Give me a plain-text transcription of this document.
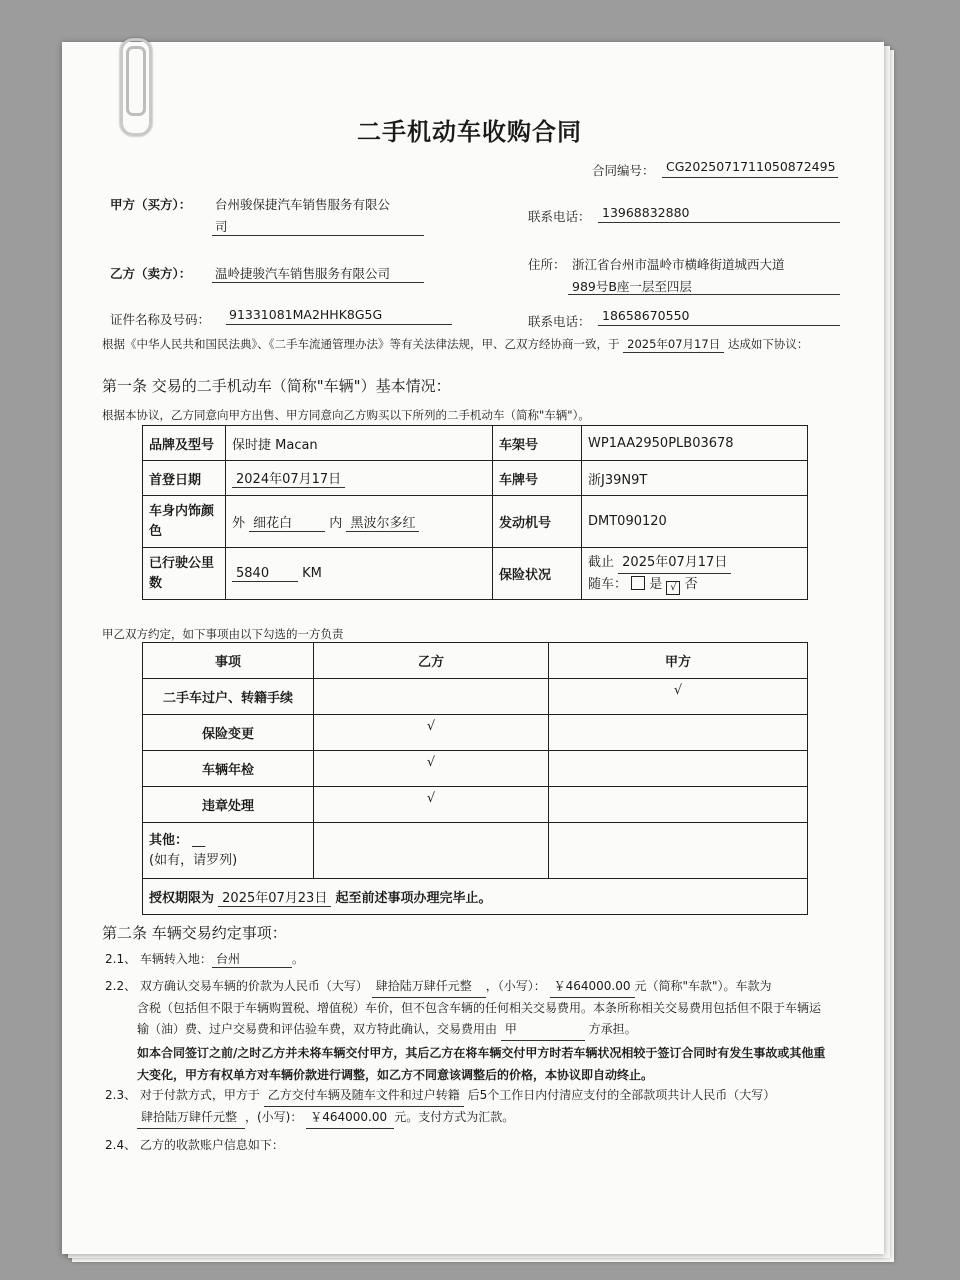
二手机动车收购合同
合同编号： CG20250717110508724​95
甲方（买方）： 台州骏保捷汽车销售服务有限公
司
联系电话： 13968832880
乙方（卖方）： 温岭捷骏汽车销售服务有限公司
住所： 浙江省台州市温岭市横峰街道城西大道
989号B座一层至四层
证件名称及号码： 91331081MA2HHK8G5G	联系电话： 18658670550
根据《中华人民共和国民法典》、《二手车流通管理办法》等有关法律法规，甲、乙双方经协商一致，于 2025年07月17日 达成如下协议：
第一条 交易的二手机动车（简称"车辆"）基本情况：
根据本协议，乙方同意向甲方出售、甲方同意向乙方购买以下所列的二手机动车（简称"车辆"）。
品牌及型号	保时捷 Macan	车架号	WP1AA2950PLB03678
首登日期	2024年07月17日	车牌号	浙J39N9T
车身内饰颜
色	外 细花白 内 黑波尔多红	发动机号	DMT090120
已行驶公里
数	5840 KM	保险状况	截止 2025年07月17日
随车： 是 √ 否
甲乙双方约定，如下事项由以下勾选的一方负责
事项	乙方	甲方
二手车过户、转籍手续		√
保险变更	√	
车辆年检	√	
违章处理	√	
其他： __
(如有，请罗列)		
授权期限为 2025年07月23日 起至前述事项办理完毕止。		
第二条 车辆交易约定事项：
2.1、 车辆转入地： 台州	。
2.2、 双方确认交易车辆的价款为人民币（大写） 肆拾陆万肆仟元整 ，（小写）： ￥464000.00 元（简称"车款"）。车款为
含税（包括但不限于车辆购置税、增值税）车价，但不包含车辆的任何相关交易费用。本条所称相关交易费用包括但不限于车辆运
输（油）费、过户交易费和评估验车费，双方特此确认，交易费用由 甲	方承担。
如本合同签订之前/之时乙方并未将车辆交付甲方，其后乙方在将车辆交付甲方时若车辆状况相较于签订合同时有发生事故或其他重
大变化，甲方有权单方对车辆价款进行调整，如乙方不同意该调整后的价格，本协议即自动终止。
2.3、 对于付款方式，甲方于 乙方交付车辆及随车文件和过户转籍 后5个工作日内付清应支付的全部款项共计人民币（大写）
肆拾陆万肆仟元整 ，(小写)： ￥464000.00 元。支付方式为汇款。
2.4、 乙方的收款账户信息如下：
